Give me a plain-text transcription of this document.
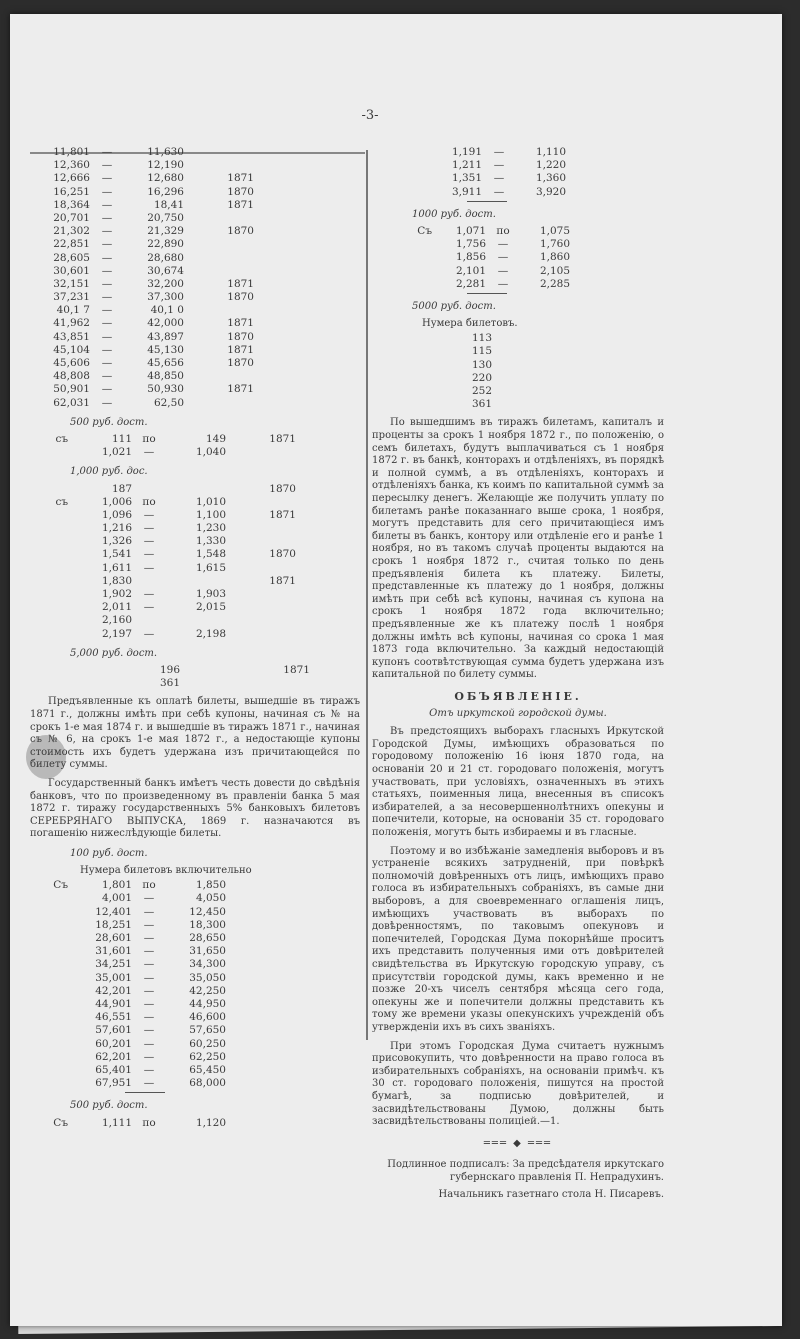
-3-
11,801	—	11,630
12,360	—	12,190
12,666	—	12,680	1871
16,251	—	16,296	1870
18,364	—	18,41	1871
20,701	—	20,750
21,302	—	21,329	1870
22,851	—	22,890
28,605	—	28,680
30,601	—	30,674
32,151	—	32,200	1871
37,231	—	37,300	1870
40,1 7	—	40,1 0
41,962	—	42,000	1871
43,851	—	43,897	1870
45,104	—	45,130	1871
45,606	—	45,656	1870
48,808	—	48,850
50,901	—	50,930	1871
62,031	—	62,50
500 руб. дост.
съ	111 по	149	1871
1,021	—	1,040
1,000 руб. дос.
187	1870
съ	1,006 по	1,010
1,096	—	1,100	1871
1,216	—	1,230
1,326	—	1,330
1,541	—	1,548	1870
1,611	—	1,615
1,830	1871
1,902	—	1,903
2,011	—	2,015
2,160
2,197	—	2,198
5,000 руб. дост.
196	1871
361

Предъявленные къ оплатѣ билеты, вышедшіе въ тиражъ 1871 г., должны имѣть при себѣ купоны, начиная съ № на срокъ 1-е мая 1874 г. и вышедшіе въ тиражъ 1871 г., начиная съ № 6, на срокъ 1-е мая 1872 г., а недостающіе купоны стоимость ихъ будетъ удержана изъ причитающейся по билету суммы.

Государственный банкъ имѣетъ честь довести до свѣдѣнія банковъ, что по произведенному въ правленіи банка 5 мая 1872 г. тиражу государственныхъ 5% банковыхъ билетовъ СЕРЕБРЯНАГО ВЫПУСКА, 1869 г. назначаются въ погашенію нижеслѣдующіе билеты.

100 руб. дост.
Нумера билетовъ включительно
Съ	1,801 по	1,850
4,001	—	4,050
12,401	—	12,450
18,251	—	18,300
28,601	—	28,650
31,601	—	31,650
34,251	—	34,300
35,001	—	35,050
42,201	—	42,250
44,901	—	44,950
46,551	—	46,600
57,601	—	57,650
60,201	—	60,250
62,201	—	62,250
65,401	—	65,450
67,951	—	68,000
500 руб. дост.
Съ	1,111 по	1,120
1,191	—	1,110
1,211	—	1,220
1,351	—	1,360
3,911	—	3,920
1000 руб. дост.
Съ	1,071 по	1,075
1,756	—	1,760
1,856	—	1,860
2,101	—	2,105
2,281	—	2,285
5000 руб. дост.
Нумера билетовъ.
113
115
130
220
252
361

По вышедшимъ въ тиражъ билетамъ, капиталъ и проценты за срокъ 1 ноября 1872 г., по положенію, о семъ билетахъ, будутъ выплачиваться съ 1 ноября 1872 г. въ банкѣ, конторахъ и отдѣленіяхъ, въ порядкѣ и полной суммѣ, а въ отдѣленіяхъ, конторахъ и отдѣленіяхъ банка, къ коимъ по капитальной суммѣ за пересылку денегъ. Желающіе же получить уплату по билетамъ ранѣе показаннаго выше срока, 1 ноября, могутъ представить для сего причитающіеся имъ билеты въ банкъ, контору или отдѣленіе его и ранѣе 1 ноября, но въ такомъ случаѣ проценты выдаются на срокъ 1 ноября 1872 г., считая только по день предъявленія билета къ платежу. Билеты, представленные къ платежу до 1 ноября, должны имѣть при себѣ всѣ купоны, начиная съ купона на срокъ 1 ноября 1872 года включительно; предъявленные же къ платежу послѣ 1 ноября должны имѣть всѣ купоны, начиная со срока 1 мая 1873 года включительно. За каждый недостающій купонъ соотвѣтствующая сумма будетъ удержана изъ капитальной по билету суммы.

ОБЪЯВЛЕНІЕ.
Отъ иркутской городской думы.

Въ предстоящихъ выборахъ гласныхъ Иркутской Городской Думы, имѣющихъ образоваться по городовому положенію 16 іюня 1870 года, на основаніи 20 и 21 ст. городоваго положенія, могутъ участвовать, при условіяхъ, означенныхъ въ этихъ статьяхъ, поименныя лица, внесенныя въ списокъ избирателей, а за несовершеннолѣтнихъ опекуны и попечители, которые, на основаніи 35 ст. городоваго положенія, могутъ быть избираемы и въ гласные.

Поэтому и во избѣжаніе замедленія выборовъ и въ устраненіе всякихъ затрудненій, при повѣркѣ полномочій довѣренныхъ отъ лицъ, имѣющихъ право голоса въ избирательныхъ собраніяхъ, въ самые дни выборовъ, а для своевременнаго оглашенія лицъ, имѣющихъ участвовать въ выборахъ по довѣренностямъ, по таковымъ опекуновъ и попечителей, Городская Дума покорнѣйше проситъ ихъ представить полученныя ими отъ довѣрителей свидѣтельства въ Иркутскую городскую управу, съ присутствіи городской думы, какъ временно и не позже 20-хъ чиселъ сентября мѣсяца сего года, опекуны же и попечители должны представить къ тому же времени указы опекунскихъ учрежденій объ утвержденіи ихъ въ сихъ званіяхъ.

При этомъ Городская Дума считаетъ нужнымъ присовокупить, что довѣренности на право голоса въ избирательныхъ собраніяхъ, на основаніи примѣч. къ 30 ст. городоваго положенія, пишутся на простой бумагѣ, за подписью довѣрителей, и засвидѣтельствованы Думою, должны быть засвидѣтельствованы полиціей.—1.

═══ ◆ ═══
Подлинное подписалъ: За предсѣдателя иркутскаго губернскаго правленія П. Непрадухинъ.
Начальникъ газетнаго стола Н. Писаревъ.
